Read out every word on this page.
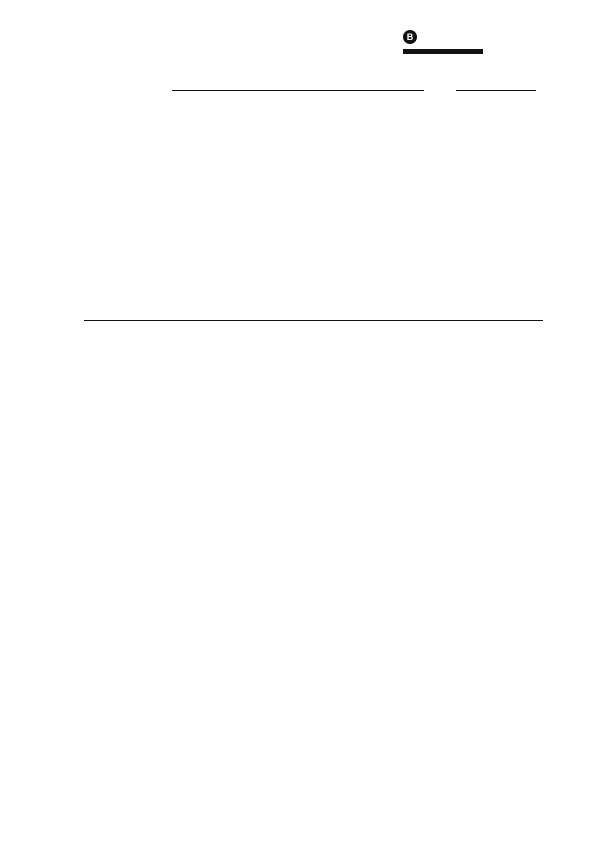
B
